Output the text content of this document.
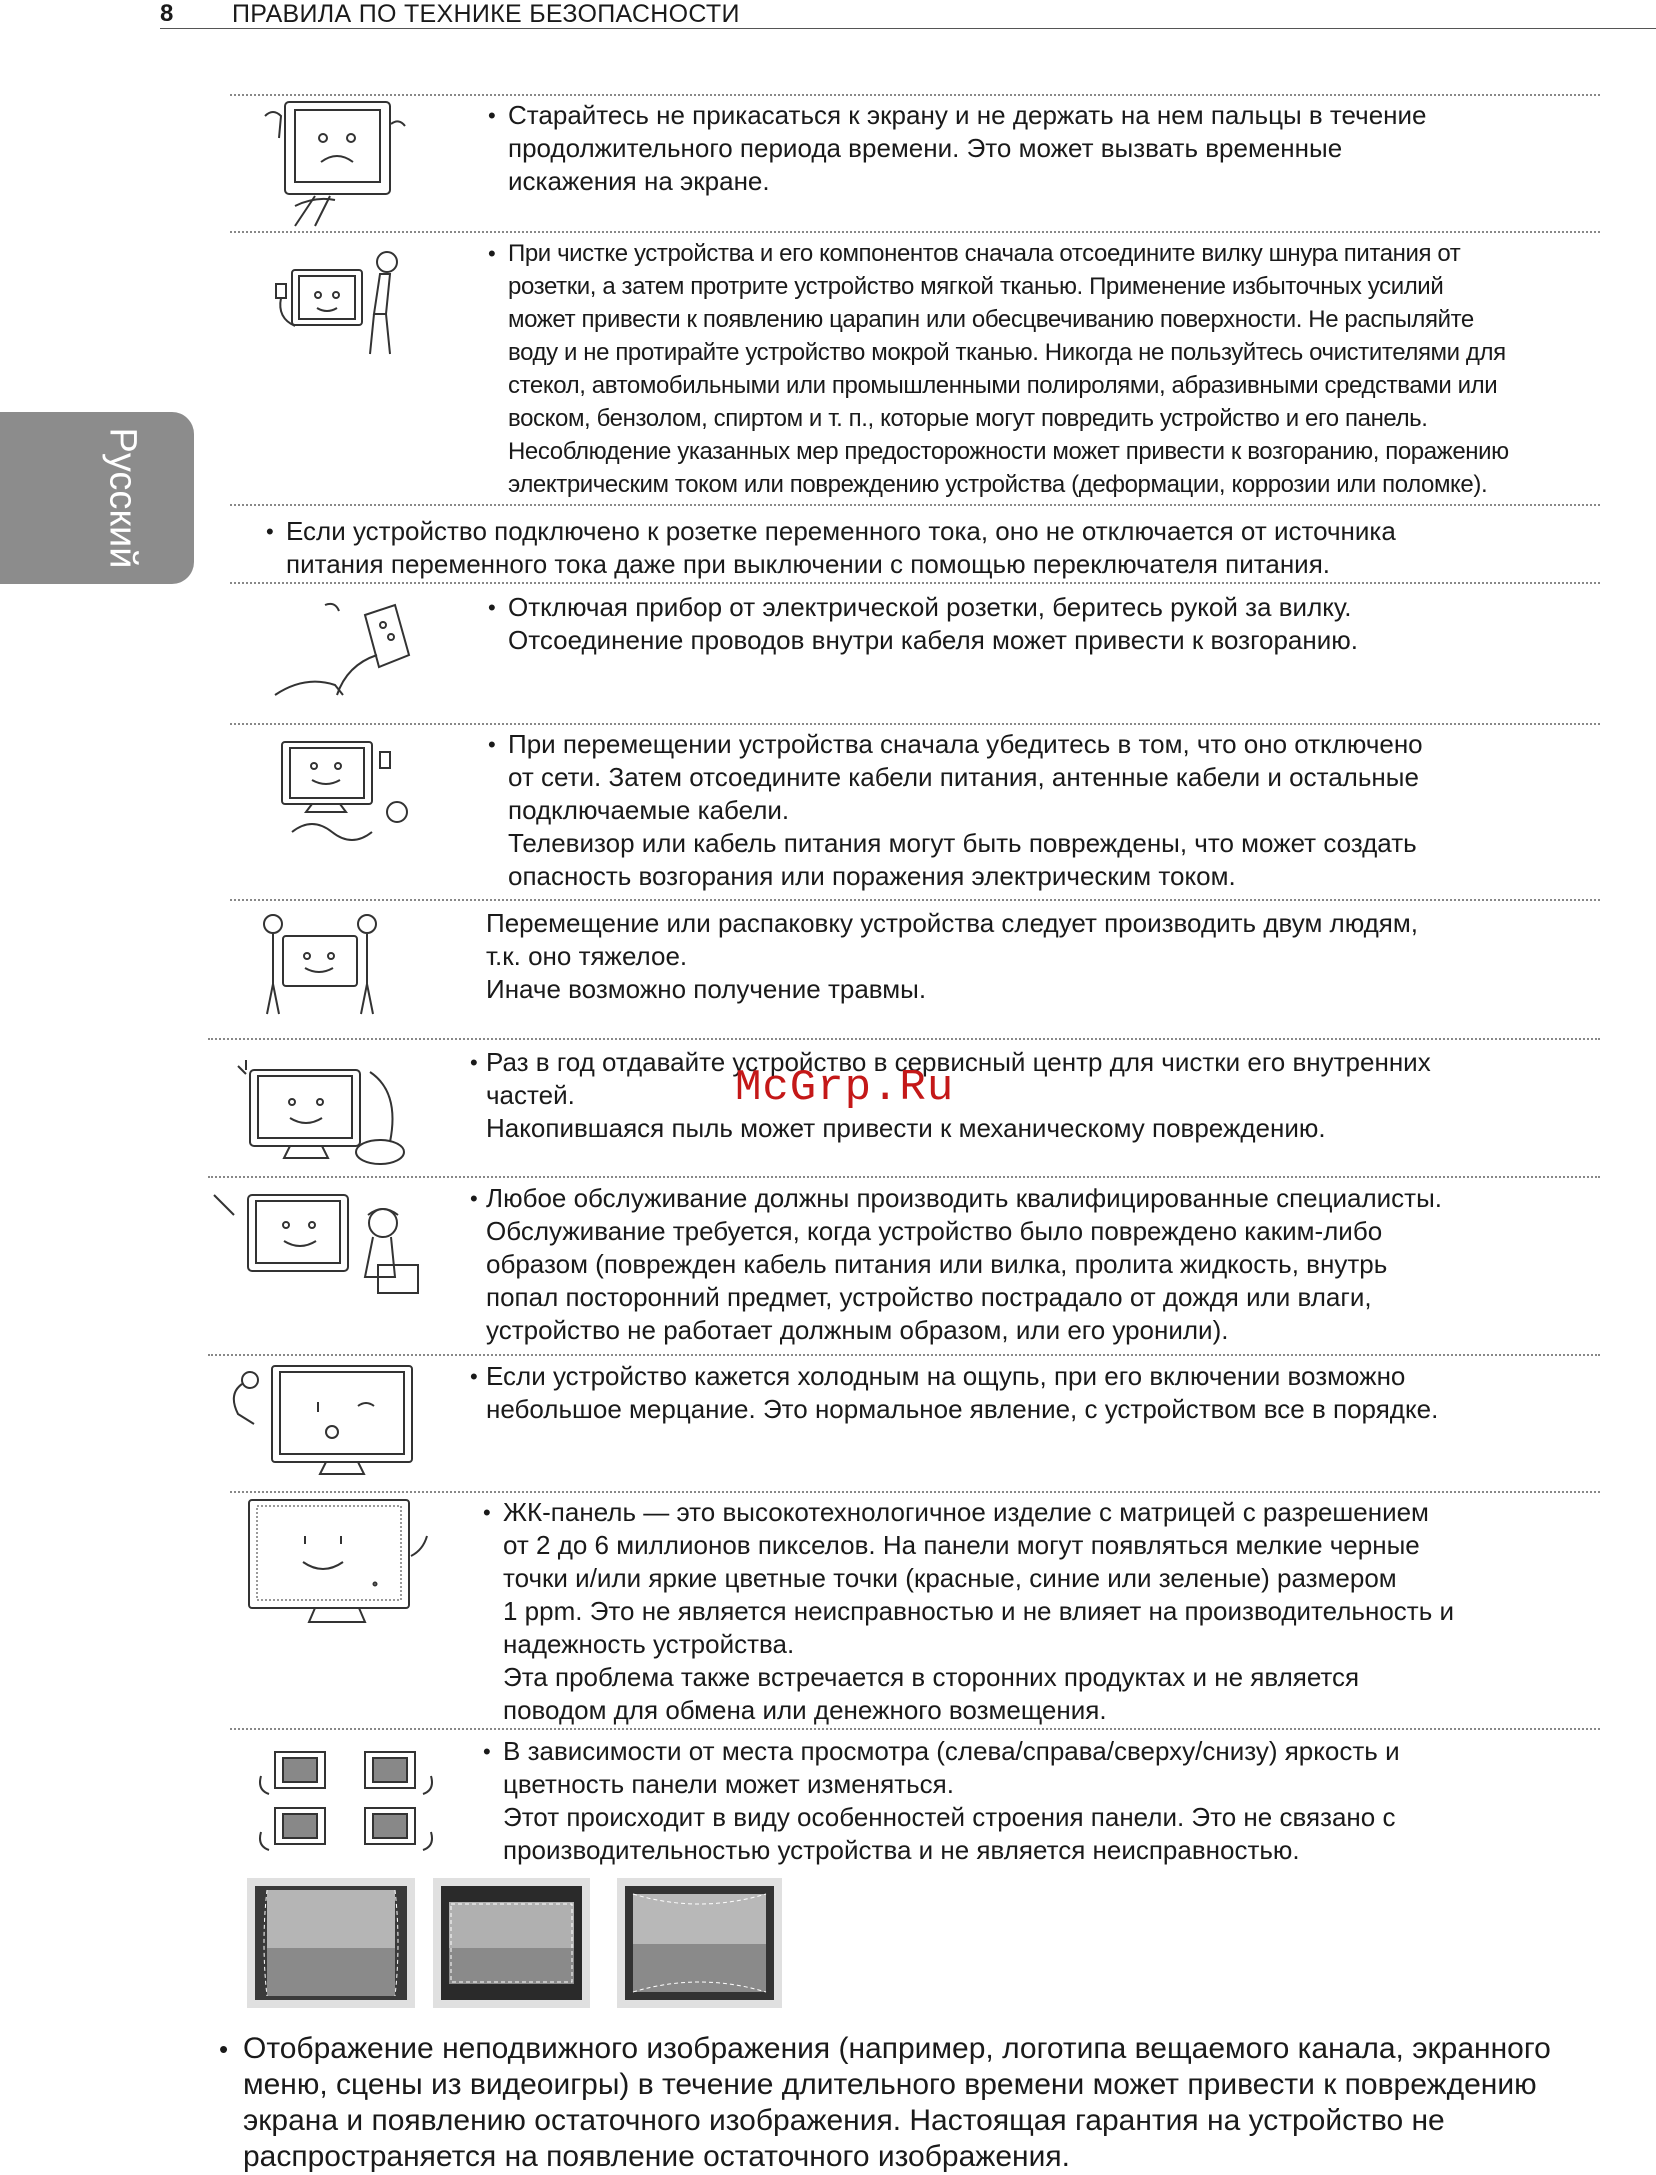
8 ПРАВИЛА ПО ТЕХНИКЕ БЕЗОПАСНОСТИ
Русский
• Старайтесь не прикасаться к экрану и не держать на нем пальцы в течение

продолжительного периода времени. Это может вызвать временные

искажения на экране.

• При чистке устройства и его компонентов сначала отсоедините вилку шнура питания от

розетки, а затем протрите устройство мягкой тканью. Применение избыточных усилий

может привести к появлению царапин или обесцвечиванию поверхности. Не распыляйте

воду и не протирайте устройство мокрой тканью. Никогда не пользуйтесь очистителями для

стекол, автомобильными или промышленными полиролями, абразивными средствами или

воском, бензолом, спиртом и т. п., которые могут повредить устройство и его панель.

Несоблюдение указанных мер предосторожности может привести к возгоранию, поражению

электрическим током или повреждению устройства (деформации, коррозии или поломке).

• Если устройство подключено к розетке переменного тока, оно не отключается от источника

питания переменного тока даже при выключении с помощью переключателя питания.

• Отключая прибор от электрической розетки, беритесь рукой за вилку.

Отсоединение проводов внутри кабеля может привести к возгоранию.

• При перемещении устройства сначала убедитесь в том, что оно отключено

от сети. Затем отсоедините кабели питания, антенные кабели и остальные

подключаемые кабели.

Телевизор или кабель питания могут быть повреждены, что может создать

опасность возгорания или поражения электрическим током.

Перемещение или распаковку устройства следует производить двум людям,

т.к. оно тяжелое.

Иначе возможно получение травмы.

• Раз в год отдавайте устройство в сервисный центр для чистки его внутренних

частей.

Накопившаяся пыль может привести к механическому повреждению.

• Любое обслуживание должны производить квалифицированные специалисты.

Обслуживание требуется, когда устройство было повреждено каким-либо

образом (поврежден кабель питания или вилка, пролита жидкость, внутрь

попал посторонний предмет, устройство пострадало от дождя или влаги,

устройство не работает должным образом, или его уронили).

• Если устройство кажется холодным на ощупь, при его включении возможно

небольшое мерцание. Это нормальное явление, с устройством все в порядке.

• ЖК-панель — это высокотехнологичное изделие с матрицей с разрешением

от 2 до 6 миллионов пикселов. На панели могут появляться мелкие черные

точки и/или яркие цветные точки (красные, синие или зеленые) размером

1 ppm. Это не является неисправностью и не влияет на производительность и

надежность устройства.

Эта проблема также встречается в сторонних продуктах и не является

поводом для обмена или денежного возмещения.

• В зависимости от места просмотра (слева/справа/сверху/снизу) яркость и

цветность панели может изменяться.

Этот происходит в виду особенностей строения панели. Это не связано с

производительностью устройства и не является неисправностью.

• Отображение неподвижного изображения (например, логотипа вещаемого канала, экранного

меню, сцены из видеоигры) в течение длительного времени может привести к повреждению

экрана и появлению остаточного изображения. Настоящая гарантия на устройство не

распространяется на появление остаточного изображения.

McGrp.Ru
